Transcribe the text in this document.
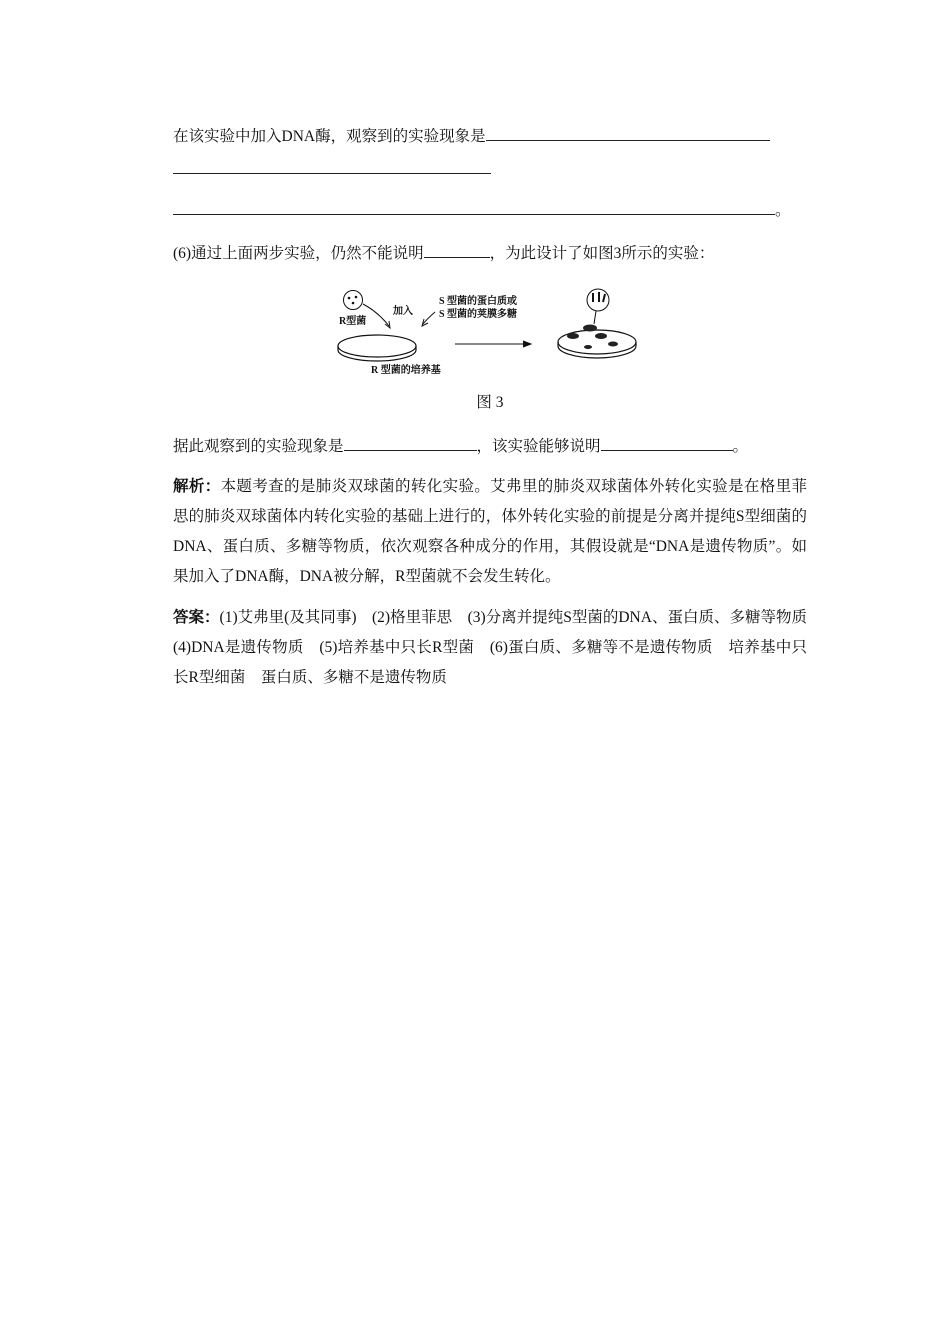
在该实验中加入DNA酶，观察到的实验现象是
。
(6)通过上面两步实验，仍然不能说明	，为此设计了如图3所示的实验：
R型菌
加入
S 型菌的蛋白质或
S 型菌的荚膜多糖
R 型菌的培养基
图 3
据此观察到的实验现象是	，该实验能够说明	。
解析：本题考查的是肺炎双球菌的转化实验。艾弗里的肺炎双球菌体外转化实验是在格里菲思的肺炎双球菌体内转化实验的基础上进行的，体外转化实验的前提是分离并提纯S型细菌的DNA、蛋白质、多糖等物质，依次观察各种成分的作用，其假设就是“DNA是遗传物质”。如果加入了DNA酶，DNA被分解，R型菌就不会发生转化。
答案：(1)艾弗里(及其同事)　(2)格里菲思　(3)分离并提纯S型菌的DNA、蛋白质、多糖等物质　(4)DNA是遗传物质　(5)培养基中只长R型菌　(6)蛋白质、多糖等不是遗传物质　培养基中只长R型细菌　蛋白质、多糖不是遗传物质
